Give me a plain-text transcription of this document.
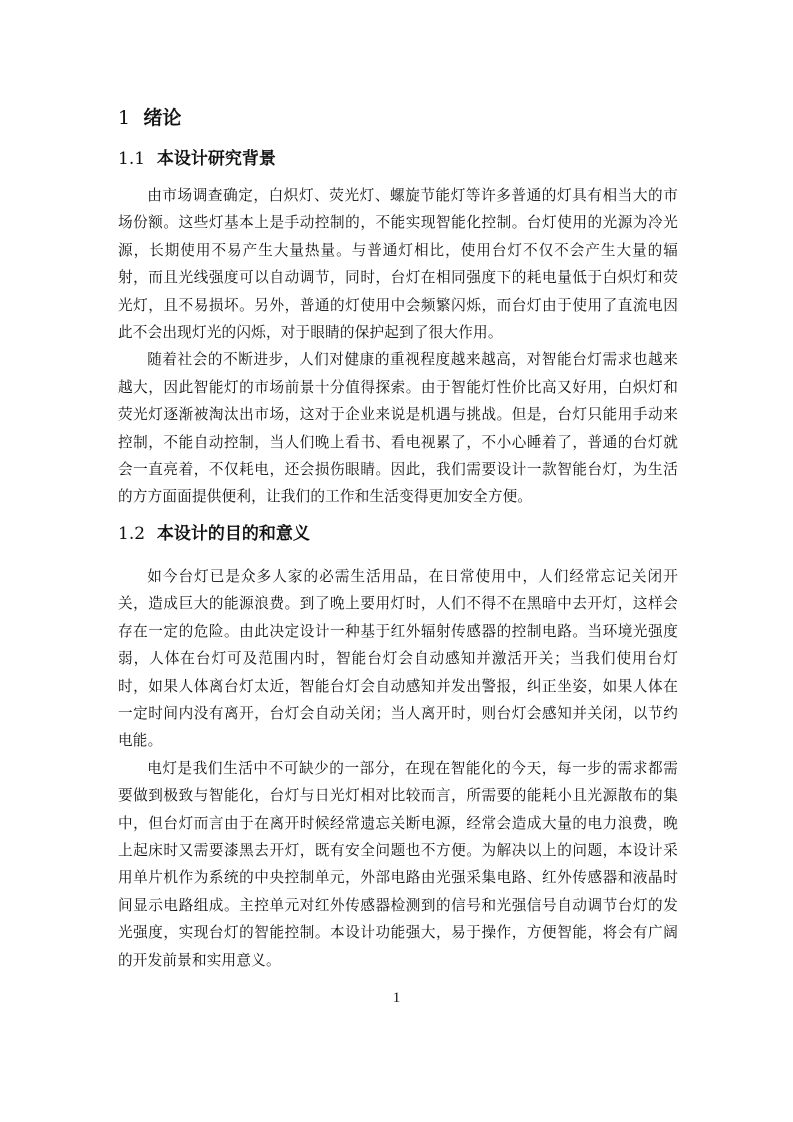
1 绪论
1.1 本设计研究背景

由市场调查确定，白炽灯、荧光灯、螺旋节能灯等许多普通的灯具有相当大的市场份额。这些灯基本上是手动控制的，不能实现智能化控制。台灯使用的光源为冷光源，长期使用不易产生大量热量。与普通灯相比，使用台灯不仅不会产生大量的辐射，而且光线强度可以自动调节，同时，台灯在相同强度下的耗电量低于白炽灯和荧光灯，且不易损坏。另外，普通的灯使用中会频繁闪烁，而台灯由于使用了直流电因此不会出现灯光的闪烁，对于眼睛的保护起到了很大作用。

随着社会的不断进步，人们对健康的重视程度越来越高，对智能台灯需求也越来越大，因此智能灯的市场前景十分值得探索。由于智能灯性价比高又好用，白炽灯和荧光灯逐渐被淘汰出市场，这对于企业来说是机遇与挑战。但是，台灯只能用手动来控制，不能自动控制，当人们晚上看书、看电视累了，不小心睡着了，普通的台灯就会一直亮着，不仅耗电，还会损伤眼睛。因此，我们需要设计一款智能台灯，为生活的方方面面提供便利，让我们的工作和生活变得更加安全方便。

1.2 本设计的目的和意义

如今台灯已是众多人家的必需生活用品，在日常使用中，人们经常忘记关闭开关，造成巨大的能源浪费。到了晚上要用灯时，人们不得不在黑暗中去开灯，这样会存在一定的危险。由此决定设计一种基于红外辐射传感器的控制电路。当环境光强度弱，人体在台灯可及范围内时，智能台灯会自动感知并激活开关；当我们使用台灯时，如果人体离台灯太近，智能台灯会自动感知并发出警报，纠正坐姿，如果人体在一定时间内没有离开，台灯会自动关闭；当人离开时，则台灯会感知并关闭，以节约电能。

电灯是我们生活中不可缺少的一部分，在现在智能化的今天，每一步的需求都需要做到极致与智能化，台灯与日光灯相对比较而言，所需要的能耗小且光源散布的集中，但台灯而言由于在离开时候经常遗忘关断电源，经常会造成大量的电力浪费，晚上起床时又需要漆黑去开灯，既有安全问题也不方便。为解决以上的问题，本设计采用单片机作为系统的中央控制单元，外部电路由光强采集电路、红外传感器和液晶时间显示电路组成。主控单元对红外传感器检测到的信号和光强信号自动调节台灯的发光强度，实现台灯的智能控制。本设计功能强大，易于操作，方便智能，将会有广阔的开发前景和实用意义。

1
